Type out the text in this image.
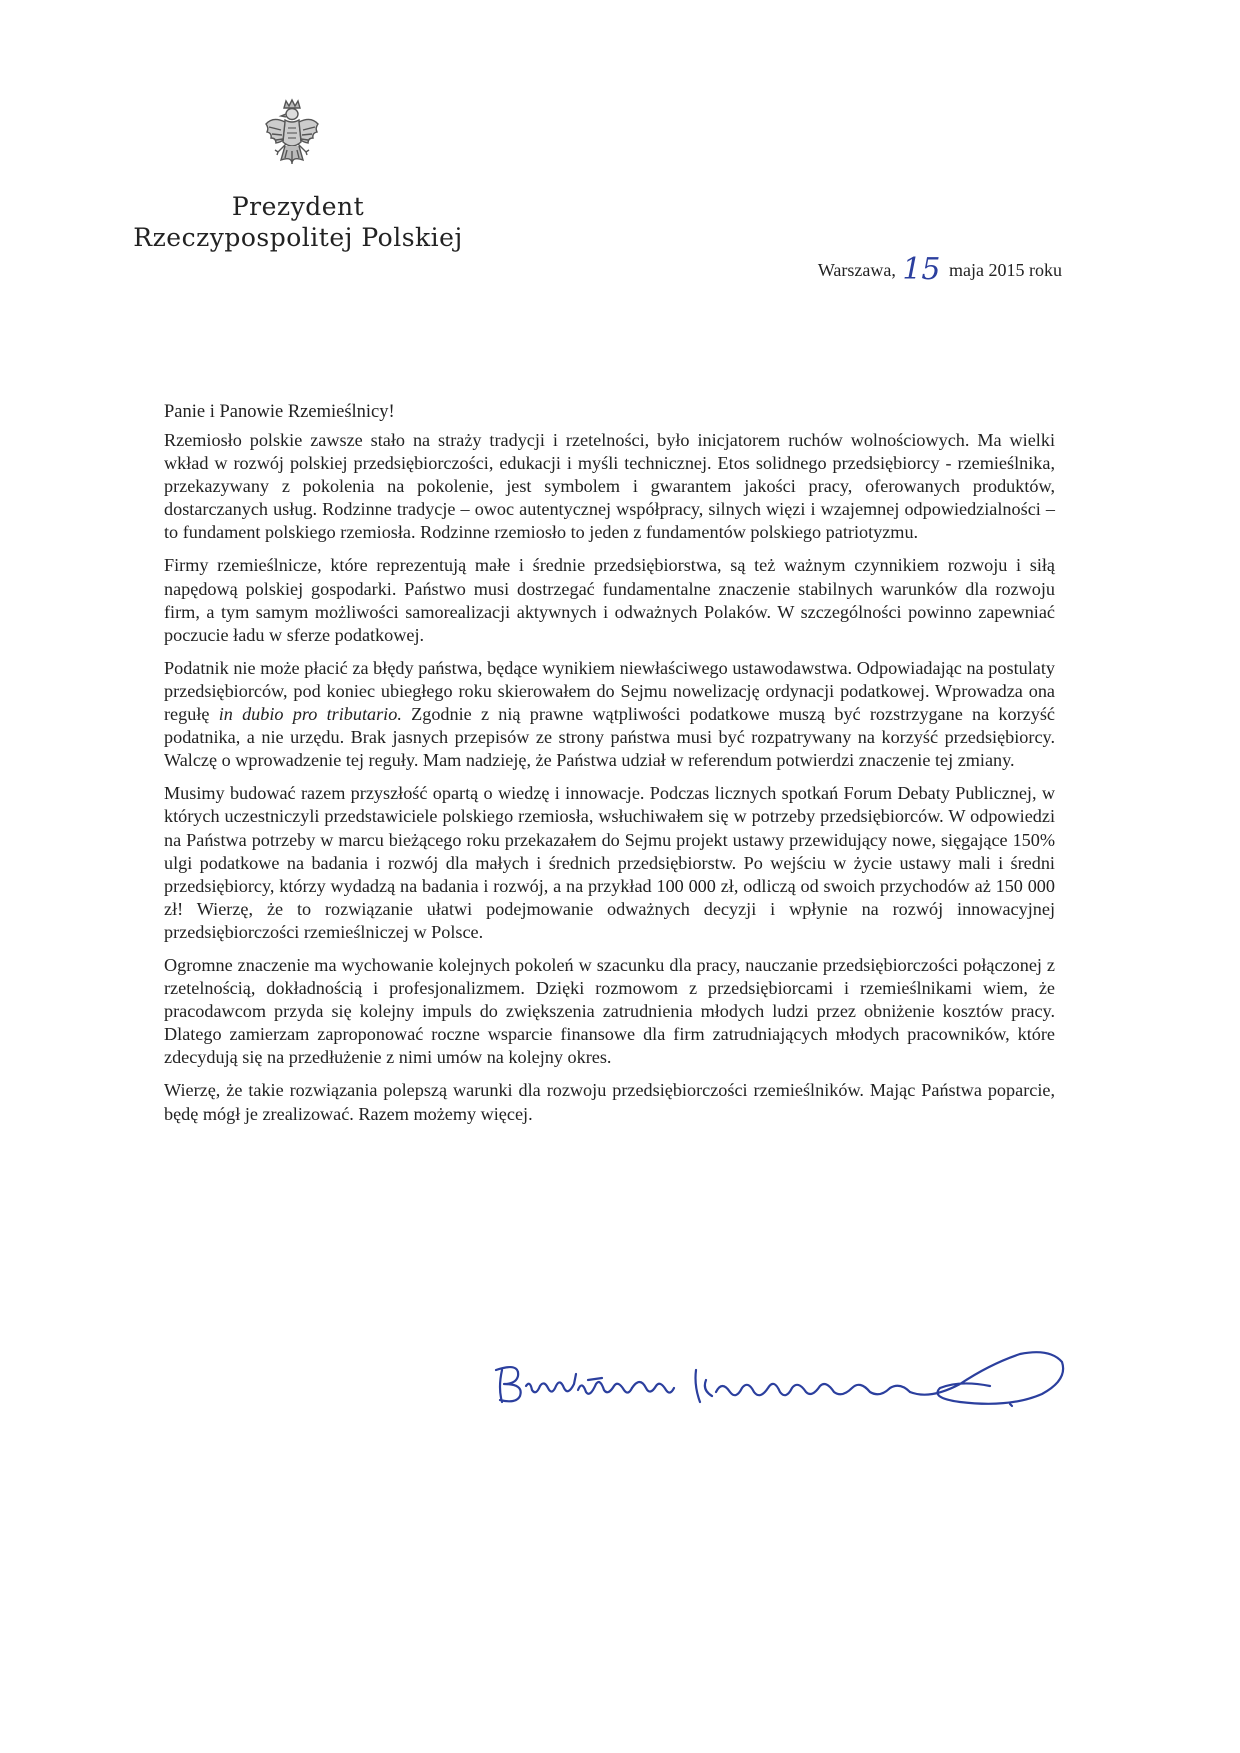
Prezydent
Rzeczypospolitej Polskiej
Warszawa, 15 maja 2015 roku
Panie i Panowie Rzemieślnicy!

Rzemiosło polskie zawsze stało na straży tradycji i rzetelności, było inicjatorem ruchów wolnościowych. Ma wielki wkład w rozwój polskiej przedsiębiorczości, edukacji i myśli technicznej. Etos solidnego przedsiębiorcy - rzemieślnika, przekazywany z pokolenia na pokolenie, jest symbolem i gwarantem jakości pracy, oferowanych produktów, dostarczanych usług. Rodzinne tradycje – owoc autentycznej współpracy, silnych więzi i wzajemnej odpowiedzialności – to fundament polskiego rzemiosła. Rodzinne rzemiosło to jeden z fundamentów polskiego patriotyzmu.

Firmy rzemieślnicze, które reprezentują małe i średnie przedsiębiorstwa, są też ważnym czynnikiem rozwoju i siłą napędową polskiej gospodarki. Państwo musi dostrzegać fundamentalne znaczenie stabilnych warunków dla rozwoju firm, a tym samym możliwości samorealizacji aktywnych i odważnych Polaków. W szczególności powinno zapewniać poczucie ładu w sferze podatkowej.

Podatnik nie może płacić za błędy państwa, będące wynikiem niewłaściwego ustawodawstwa. Odpowiadając na postulaty przedsiębiorców, pod koniec ubiegłego roku skierowałem do Sejmu nowelizację ordynacji podatkowej. Wprowadza ona regułę in dubio pro tributario. Zgodnie z nią prawne wątpliwości podatkowe muszą być rozstrzygane na korzyść podatnika, a nie urzędu. Brak jasnych przepisów ze strony państwa musi być rozpatrywany na korzyść przedsiębiorcy. Walczę o wprowadzenie tej reguły. Mam nadzieję, że Państwa udział w referendum potwierdzi znaczenie tej zmiany.

Musimy budować razem przyszłość opartą o wiedzę i innowacje. Podczas licznych spotkań Forum Debaty Publicznej, w których uczestniczyli przedstawiciele polskiego rzemiosła, wsłuchiwałem się w potrzeby przedsiębiorców. W odpowiedzi na Państwa potrzeby w marcu bieżącego roku przekazałem do Sejmu projekt ustawy przewidujący nowe, sięgające 150% ulgi podatkowe na badania i rozwój dla małych i średnich przedsiębiorstw. Po wejściu w życie ustawy mali i średni przedsiębiorcy, którzy wydadzą na badania i rozwój, a na przykład 100 000 zł, odliczą od swoich przychodów aż 150 000 zł! Wierzę, że to rozwiązanie ułatwi podejmowanie odważnych decyzji i wpłynie na rozwój innowacyjnej przedsiębiorczości rzemieślniczej w Polsce.

Ogromne znaczenie ma wychowanie kolejnych pokoleń w szacunku dla pracy, nauczanie przedsiębiorczości połączonej z rzetelnością, dokładnością i profesjonalizmem. Dzięki rozmowom z przedsiębiorcami i rzemieślnikami wiem, że pracodawcom przyda się kolejny impuls do zwiększenia zatrudnienia młodych ludzi przez obniżenie kosztów pracy. Dlatego zamierzam zaproponować roczne wsparcie finansowe dla firm zatrudniających młodych pracowników, które zdecydują się na przedłużenie z nimi umów na kolejny okres.

Wierzę, że takie rozwiązania polepszą warunki dla rozwoju przedsiębiorczości rzemieślników. Mając Państwa poparcie, będę mógł je zrealizować. Razem możemy więcej.
